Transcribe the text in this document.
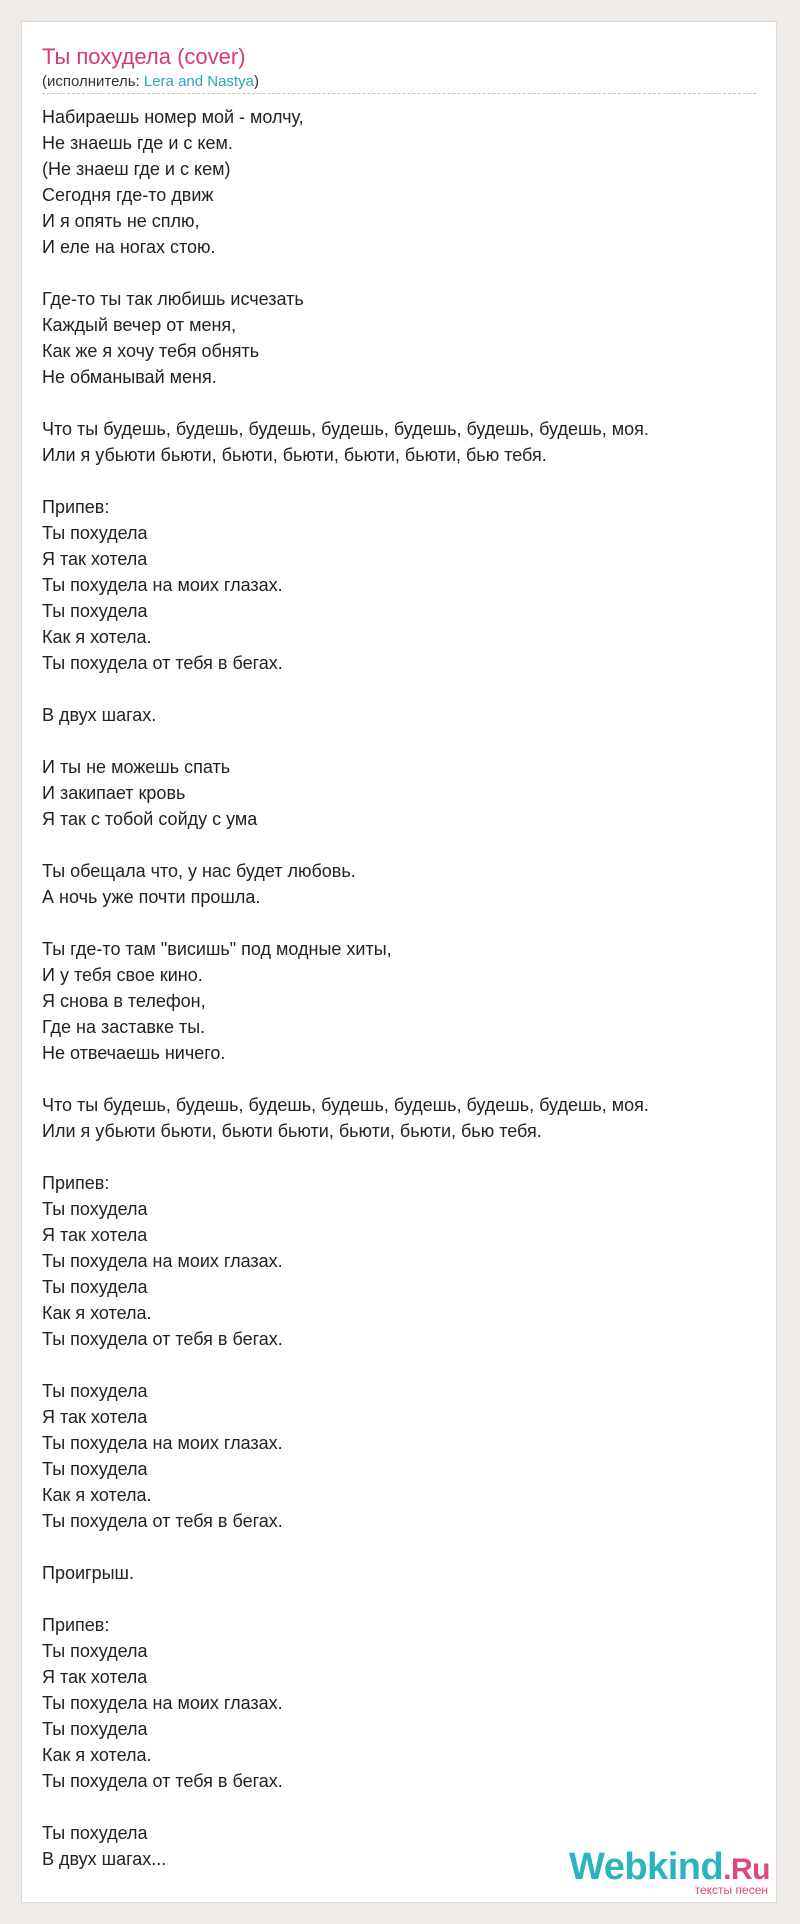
Ты похудела (cover)
(исполнитель: Lera and Nastya)
Набираешь номер мой - молчу,
Не знаешь где и с кем.
(Не знаеш где и с кем)
Сегодня где-то движ
И я опять не сплю,
И еле на ногах стою.
Где-то ты так любишь исчезать
Каждый вечер от меня,
Как же я хочу тебя обнять
Не обманывай меня.
Что ты будешь, будешь, будешь, будешь, будешь, будешь, будешь, моя.
Или я убьюти бьюти, бьюти, бьюти, бьюти, бьюти, бью тебя.
Припев:
Ты похудела
Я так хотела
Ты похудела на моих глазах.
Ты похудела
Как я хотела.
Ты похудела от тебя в бегах.
В двух шагах.
И ты не можешь спать
И закипает кровь
Я так с тобой сойду с ума
Ты обещала что, у нас будет любовь.
А ночь уже почти прошла.
Ты где-то там "висишь" под модные хиты,
И у тебя свое кино.
Я снова в телефон,
Где на заставке ты.
Не отвечаешь ничего.
Что ты будешь, будешь, будешь, будешь, будешь, будешь, будешь, моя.
Или я убьюти бьюти, бьюти бьюти, бьюти, бьюти, бью тебя.
Припев:
Ты похудела
Я так хотела
Ты похудела на моих глазах.
Ты похудела
Как я хотела.
Ты похудела от тебя в бегах.
Ты похудела
Я так хотела
Ты похудела на моих глазах.
Ты похудела
Как я хотела.
Ты похудела от тебя в бегах.
Проигрыш.
Припев:
Ты похудела
Я так хотела
Ты похудела на моих глазах.
Ты похудела
Как я хотела.
Ты похудела от тебя в бегах.
Ты похудела
В двух шагах...	Webkind.Ru
тексты песен
